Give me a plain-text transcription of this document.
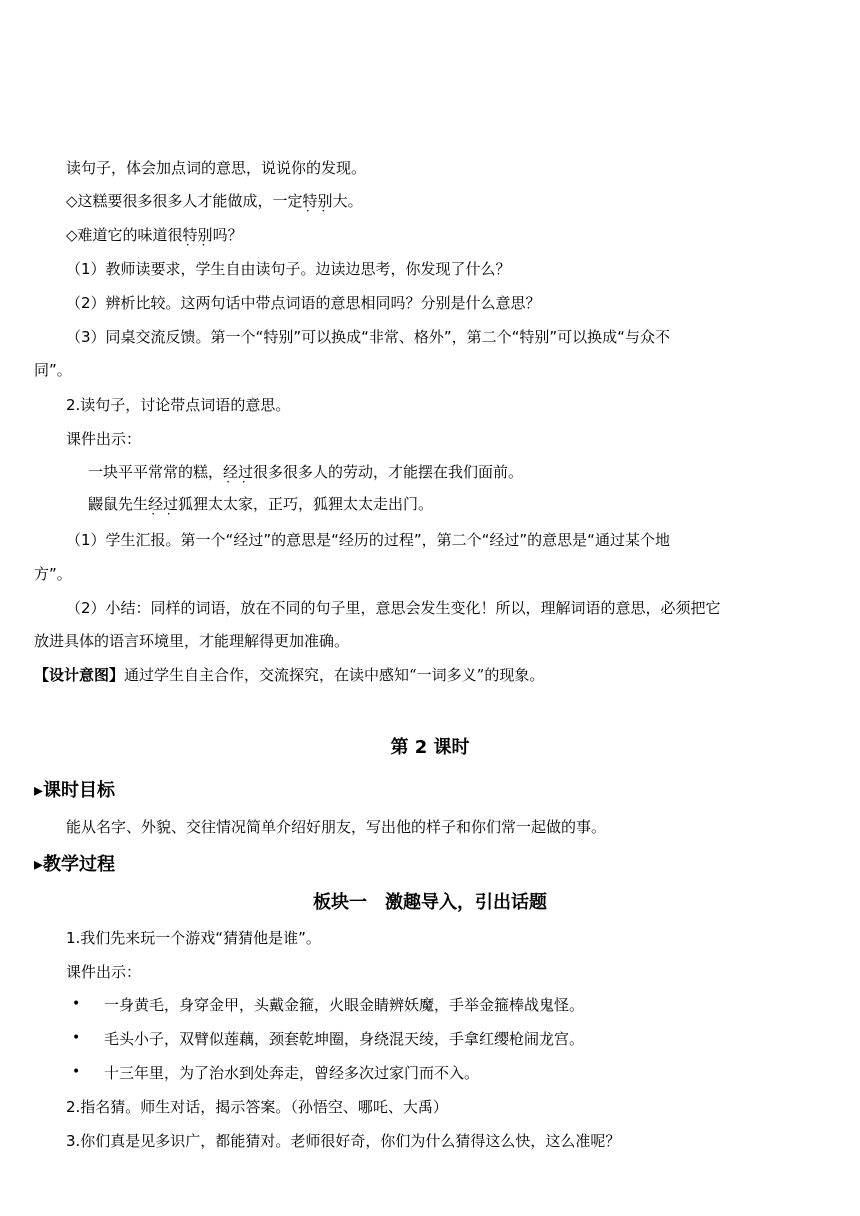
读句子，体会加点词的意思，说说你的发现。
◇这糕要很多很多人才能做成，一定特别 · ·大。
◇难道它的味道很特别 · ·吗？
（1）教师读要求，学生自由读句子。边读边思考，你发现了什么？
（2）辨析比较。这两句话中带点词语的意思相同吗？分别是什么意思？
（3）同桌交流反馈。第一个“特别”可以换成“非常、格外”，第二个“特别”可以换成“与众不
同”。
2.读句子，讨论带点词语的意思。
课件出示：
一块平平常常的糕，经过 · ·很多很多人的劳动，才能摆在我们面前。
鼹鼠先生经过 · ·狐狸太太家，正巧，狐狸太太走出门。
（1）学生汇报。第一个“经过”的意思是“经历的过程”，第二个“经过”的意思是“通过某个地
方”。
（2）小结：同样的词语，放在不同的句子里，意思会发生变化！所以，理解词语的意思，必须把它
放进具体的语言环境里，才能理解得更加准确。
【设计意图】通过学生自主合作，交流探究，在读中感知“一词多义”的现象。
第 2 课时
▸课时目标
能从名字、外貌、交往情况简单介绍好朋友，写出他的样子和你们常一起做的事。
▸教学过程
板块一　激趣导入，引出话题
1.我们先来玩一个游戏“猜猜他是谁”。
课件出示：
• 一身黄毛，身穿金甲，头戴金箍，火眼金睛辨妖魔，手举金箍棒战鬼怪。
• 毛头小子，双臂似莲藕，颈套乾坤圈，身绕混天绫，手拿红缨枪闹龙宫。
• 十三年里，为了治水到处奔走，曾经多次过家门而不入。
2.指名猜。师生对话，揭示答案。（孙悟空、哪吒、大禹）
3.你们真是见多识广，都能猜对。老师很好奇，你们为什么猜得这么快，这么准呢？
